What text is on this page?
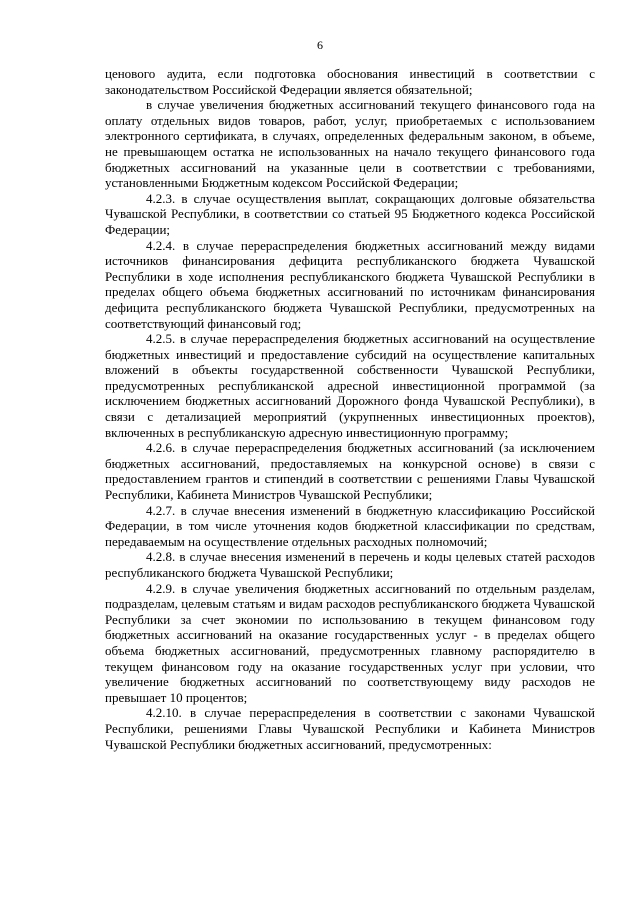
6

ценового аудита, если подготовка обоснования инвестиций в соответствии с законодательством Российской Федерации является обязательной;

в случае увеличения бюджетных ассигнований текущего финансового года на оплату отдельных видов товаров, работ, услуг, приобретаемых с использованием электронного сертификата, в случаях, определенных федеральным законом, в объеме, не превышающем остатка не использованных на начало текущего финансового года бюджетных ассигнований на указанные цели в соответствии с требованиями, установленными Бюджетным кодексом Российской Федерации;

4.2.3. в случае осуществления выплат, сокращающих долговые обязательства Чувашской Республики, в соответствии со статьей 95 Бюджетного кодекса Российской Федерации;

4.2.4. в случае перераспределения бюджетных ассигнований между видами источников финансирования дефицита республиканского бюджета Чувашской Республики в ходе исполнения республиканского бюджета Чувашской Республики в пределах общего объема бюджетных ассигнований по источникам финансирования дефицита республиканского бюджета Чувашской Республики, предусмотренных на соответствующий финансовый год;

4.2.5. в случае перераспределения бюджетных ассигнований на осуществление бюджетных инвестиций и предоставление субсидий на осуществление капитальных вложений в объекты государственной собственности Чувашской Республики, предусмотренных республиканской адресной инвестиционной программой (за исключением бюджетных ассигнований Дорожного фонда Чувашской Республики), в связи с детализацией мероприятий (укрупненных инвестиционных проектов), включенных в республиканскую адресную инвестиционную программу;

4.2.6. в случае перераспределения бюджетных ассигнований (за исключением бюджетных ассигнований, предоставляемых на конкурсной основе) в связи с предоставлением грантов и стипендий в соответствии с решениями Главы Чувашской Республики, Кабинета Министров Чувашской Республики;

4.2.7. в случае внесения изменений в бюджетную классификацию Российской Федерации, в том числе уточнения кодов бюджетной классификации по средствам, передаваемым на осуществление отдельных расходных полномочий;

4.2.8. в случае внесения изменений в перечень и коды целевых статей расходов республиканского бюджета Чувашской Республики;

4.2.9. в случае увеличения бюджетных ассигнований по отдельным разделам, подразделам, целевым статьям и видам расходов республиканского бюджета Чувашской Республики за счет экономии по использованию в текущем финансовом году бюджетных ассигнований на оказание государственных услуг - в пределах общего объема бюджетных ассигнований, предусмотренных главному распорядителю в текущем финансовом году на оказание государственных услуг при условии, что увеличение бюджетных ассигнований по соответствующему виду расходов не превышает 10 процентов;

4.2.10. в случае перераспределения в соответствии с законами Чувашской Республики, решениями Главы Чувашской Республики и Кабинета Министров Чувашской Республики бюджетных ассигнований, предусмотренных:
